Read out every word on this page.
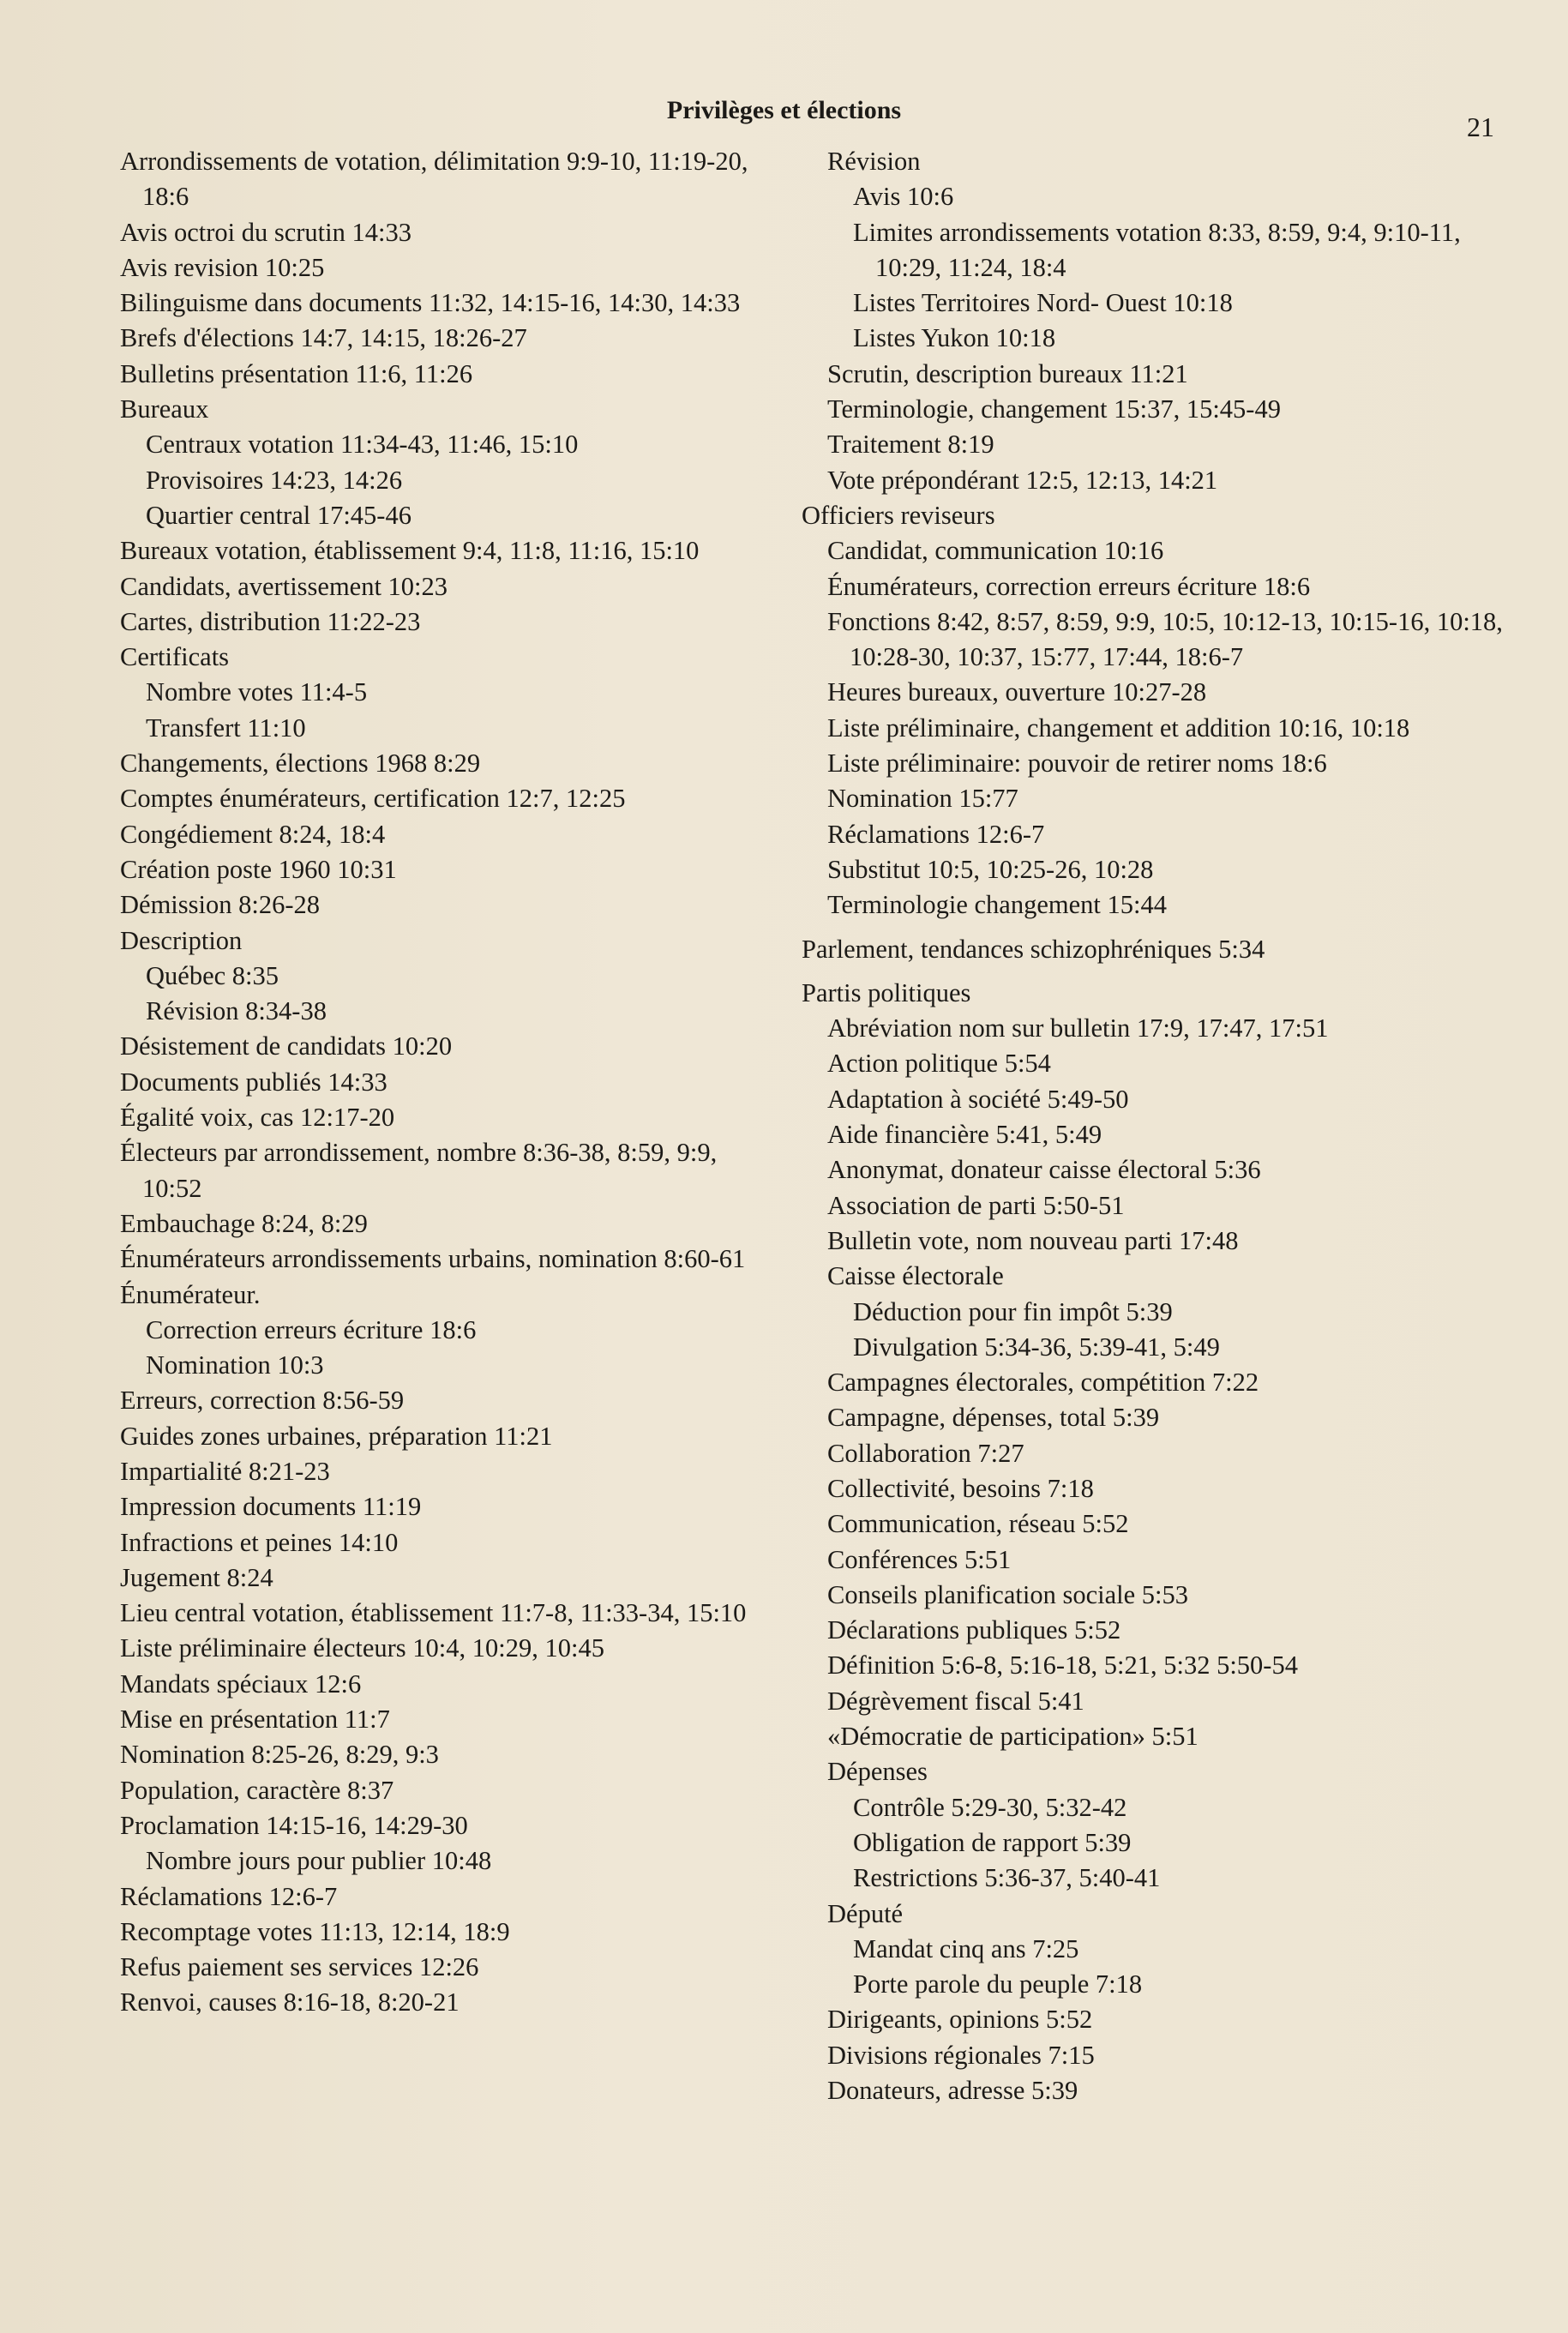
Privilèges et élections

21

Arrondissements de votation, délimitation 9:9-10, 11:19-20, 18:6
Avis octroi du scrutin 14:33
Avis revision 10:25
Bilinguisme dans documents 11:32, 14:15-16, 14:30, 14:33
Brefs d'élections 14:7, 14:15, 18:26-27
Bulletins présentation 11:6, 11:26
Bureaux
Centraux votation 11:34-43, 11:46, 15:10
Provisoires 14:23, 14:26
Quartier central 17:45-46
Bureaux votation, établissement 9:4, 11:8, 11:16, 15:10
Candidats, avertissement 10:23
Cartes, distribution 11:22-23
Certificats
Nombre votes 11:4-5
Transfert 11:10
Changements, élections 1968 8:29
Comptes énumérateurs, certification 12:7, 12:25
Congédiement 8:24, 18:4
Création poste 1960 10:31
Démission 8:26-28
Description
Québec 8:35
Révision 8:34-38
Désistement de candidats 10:20
Documents publiés 14:33
Égalité voix, cas 12:17-20
Électeurs par arrondissement, nombre 8:36-38, 8:59, 9:9, 10:52
Embauchage 8:24, 8:29
Énumérateurs arrondissements urbains, nomination 8:60-61
Énumérateur.
Correction erreurs écriture 18:6
Nomination 10:3
Erreurs, correction 8:56-59
Guides zones urbaines, préparation 11:21
Impartialité 8:21-23
Impression documents 11:19
Infractions et peines 14:10
Jugement 8:24
Lieu central votation, établissement 11:7-8, 11:33-34, 15:10
Liste préliminaire électeurs 10:4, 10:29, 10:45
Mandats spéciaux 12:6
Mise en présentation 11:7
Nomination 8:25-26, 8:29, 9:3
Population, caractère 8:37
Proclamation 14:15-16, 14:29-30
Nombre jours pour publier 10:48
Réclamations 12:6-7
Recomptage votes 11:13, 12:14, 18:9
Refus paiement ses services 12:26
Renvoi, causes 8:16-18, 8:20-21
Révision
Avis 10:6
Limites arrondissements votation 8:33, 8:59, 9:4, 9:10-11, 10:29, 11:24, 18:4
Listes Territoires Nord- Ouest 10:18
Listes Yukon 10:18
Scrutin, description bureaux 11:21
Terminologie, changement 15:37, 15:45-49
Traitement 8:19
Vote prépondérant 12:5, 12:13, 14:21
Officiers reviseurs
Candidat, communication 10:16
Énumérateurs, correction erreurs écriture 18:6
Fonctions 8:42, 8:57, 8:59, 9:9, 10:5, 10:12-13, 10:15-16, 10:18, 10:28-30, 10:37, 15:77, 17:44, 18:6-7
Heures bureaux, ouverture 10:27-28
Liste préliminaire, changement et addition 10:16, 10:18
Liste préliminaire: pouvoir de retirer noms 18:6
Nomination 15:77
Réclamations 12:6-7
Substitut 10:5, 10:25-26, 10:28
Terminologie changement 15:44
Parlement, tendances schizophréniques 5:34
Partis politiques
Abréviation nom sur bulletin 17:9, 17:47, 17:51
Action politique 5:54
Adaptation à société 5:49-50
Aide financière 5:41, 5:49
Anonymat, donateur caisse électoral 5:36
Association de parti 5:50-51
Bulletin vote, nom nouveau parti 17:48
Caisse électorale
Déduction pour fin impôt 5:39
Divulgation 5:34-36, 5:39-41, 5:49
Campagnes électorales, compétition 7:22
Campagne, dépenses, total 5:39
Collaboration 7:27
Collectivité, besoins 7:18
Communication, réseau 5:52
Conférences 5:51
Conseils planification sociale 5:53
Déclarations publiques 5:52
Définition 5:6-8, 5:16-18, 5:21, 5:32 5:50-54
Dégrèvement fiscal 5:41
«Démocratie de participation» 5:51
Dépenses
Contrôle 5:29-30, 5:32-42
Obligation de rapport 5:39
Restrictions 5:36-37, 5:40-41
Député
Mandat cinq ans 7:25
Porte parole du peuple 7:18
Dirigeants, opinions 5:52
Divisions régionales 7:15
Donateurs, adresse 5:39
